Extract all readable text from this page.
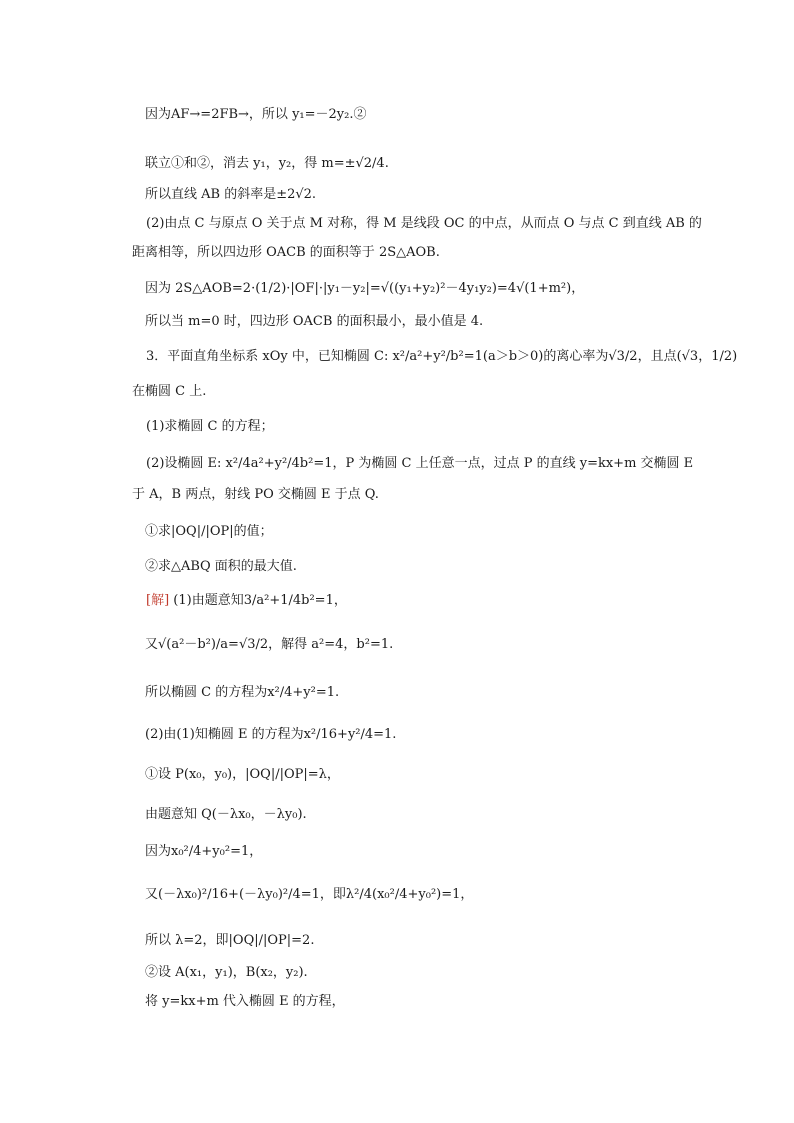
因为AF→=2FB→，所以 y₁=－2y₂.②
联立①和②，消去 y₁，y₂，得 m=±√2/4.
所以直线 AB 的斜率是±2√2.
(2)由点 C 与原点 O 关于点 M 对称，得 M 是线段 OC 的中点，从而点 O 与点 C 到直线 AB 的
距离相等，所以四边形 OACB 的面积等于 2S△AOB.
因为 2S△AOB=2·(1/2)·|OF|·|y₁－y₂|=√((y₁+y₂)²－4y₁y₂)=4√(1+m²)，
所以当 m=0 时，四边形 OACB 的面积最小，最小值是 4.
3．平面直角坐标系 xOy 中，已知椭圆 C: x²/a²+y²/b²=1(a＞b＞0)的离心率为√3/2，且点(√3，1/2)
在椭圆 C 上.
(1)求椭圆 C 的方程；
(2)设椭圆 E: x²/4a²+y²/4b²=1，P 为椭圆 C 上任意一点，过点 P 的直线 y=kx+m 交椭圆 E
于 A，B 两点，射线 PO 交椭圆 E 于点 Q.
①求|OQ|/|OP|的值；
②求△ABQ 面积的最大值.
[解] (1)由题意知3/a²+1/4b²=1，
又√(a²－b²)/a=√3/2，解得 a²=4，b²=1.
所以椭圆 C 的方程为x²/4+y²=1.
(2)由(1)知椭圆 E 的方程为x²/16+y²/4=1.
①设 P(x₀，y₀)，|OQ|/|OP|=λ，
由题意知 Q(－λx₀，－λy₀).
因为x₀²/4+y₀²=1，
又(－λx₀)²/16+(－λy₀)²/4=1，即λ²/4(x₀²/4+y₀²)=1，
所以 λ=2，即|OQ|/|OP|=2.
②设 A(x₁，y₁)，B(x₂，y₂).
将 y=kx+m 代入椭圆 E 的方程，
